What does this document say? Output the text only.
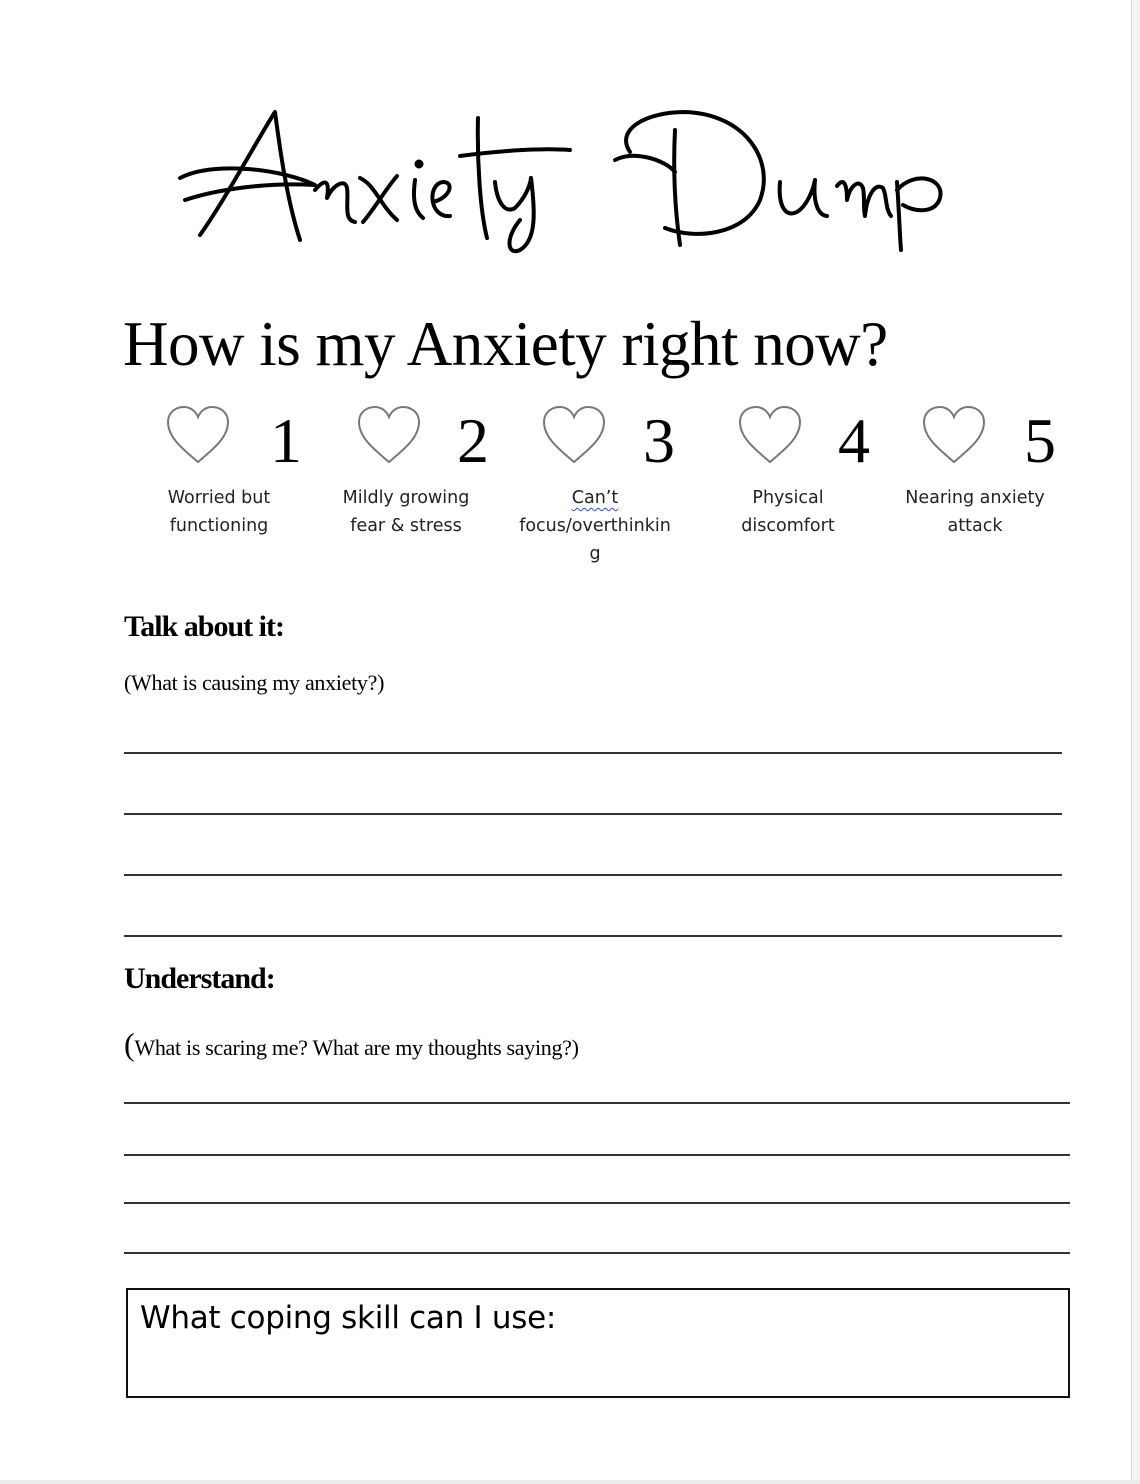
How is my Anxiety right now?
1
Worried but
functioning
2
Mildly growing
fear & stress
3
Can’t
focus/overthinkin
g
4
Physical
discomfort
5
Nearing anxiety
attack
Talk about it:
(What is causing my anxiety?)
Understand:
(What is scaring me? What are my thoughts saying?)
What coping skill can I use:
